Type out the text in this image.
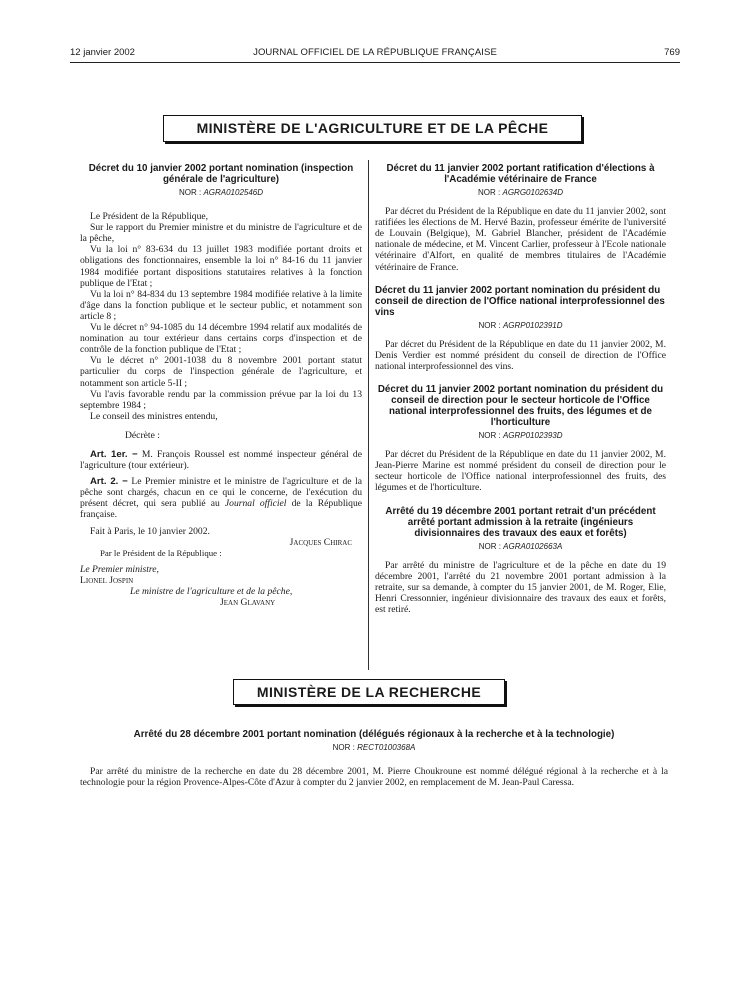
12 janvier 2002	JOURNAL OFFICIEL DE LA RÉPUBLIQUE FRANÇAISE	769
MINISTÈRE DE L'AGRICULTURE ET DE LA PÊCHE
Décret du 10 janvier 2002 portant nomination (inspection générale de l'agriculture)
NOR : AGRA0102546D

Le Président de la République,

Sur le rapport du Premier ministre et du ministre de l'agriculture et de la pêche,

Vu la loi n° 83-634 du 13 juillet 1983 modifiée portant droits et obligations des fonctionnaires, ensemble la loi n° 84-16 du 11 janvier 1984 modifiée portant dispositions statutaires relatives à la fonction publique de l'Etat ;

Vu la loi n° 84-834 du 13 septembre 1984 modifiée relative à la limite d'âge dans la fonction publique et le secteur public, et notamment son article 8 ;

Vu le décret n° 94-1085 du 14 décembre 1994 relatif aux modalités de nomination au tour extérieur dans certains corps d'inspection et de contrôle de la fonction publique de l'Etat ;

Vu le décret n° 2001-1038 du 8 novembre 2001 portant statut particulier du corps de l'inspection générale de l'agriculture, et notamment son article 5-II ;

Vu l'avis favorable rendu par la commission prévue par la loi du 13 septembre 1984 ;

Le conseil des ministres entendu,

Décrète :

Art. 1er. − M. François Roussel est nommé inspecteur général de l'agriculture (tour extérieur).

Art. 2. − Le Premier ministre et le ministre de l'agriculture et de la pêche sont chargés, chacun en ce qui le concerne, de l'exécution du présent décret, qui sera publié au Journal officiel de la République française.

Fait à Paris, le 10 janvier 2002.

Jacques Chirac

Par le Président de la République :

Le Premier ministre,

Lionel Jospin

Le ministre de l'agriculture et de la pêche,

Jean Glavany

Décret du 11 janvier 2002 portant ratification d'élections à l'Académie vétérinaire de France
NOR : AGRG0102634D

Par décret du Président de la République en date du 11 janvier 2002, sont ratifiées les élections de M. Hervé Bazin, professeur émérite de l'université de Louvain (Belgique), M. Gabriel Blancher, président de l'Académie nationale de médecine, et M. Vincent Carlier, professeur à l'Ecole nationale vétérinaire d'Alfort, en qualité de membres titulaires de l'Académie vétérinaire de France.

Décret du 11 janvier 2002 portant nomination du président du conseil de direction de l'Office national interprofessionnel des vins
NOR : AGRP0102391D

Par décret du Président de la République en date du 11 janvier 2002, M. Denis Verdier est nommé président du conseil de direction de l'Office national interprofessionnel des vins.

Décret du 11 janvier 2002 portant nomination du président du conseil de direction pour le secteur horticole de l'Office national interprofessionnel des fruits, des légumes et de l'horticulture
NOR : AGRP0102393D

Par décret du Président de la République en date du 11 janvier 2002, M. Jean-Pierre Marine est nommé président du conseil de direction pour le secteur horticole de l'Office national interprofessionnel des fruits, des légumes et de l'horticulture.

Arrêté du 19 décembre 2001 portant retrait d'un précédent arrêté portant admission à la retraite (ingénieurs divisionnaires des travaux des eaux et forêts)
NOR : AGRA0102663A

Par arrêté du ministre de l'agriculture et de la pêche en date du 19 décembre 2001, l'arrêté du 21 novembre 2001 portant admission à la retraite, sur sa demande, à compter du 15 janvier 2001, de M. Roger, Elie, Henri Cressonnier, ingénieur divisionnaire des travaux des eaux et forêts, est retiré.

MINISTÈRE DE LA RECHERCHE
Arrêté du 28 décembre 2001 portant nomination (délégués régionaux à la recherche et à la technologie)
NOR : RECT0100368A

Par arrêté du ministre de la recherche en date du 28 décembre 2001, M. Pierre Choukroune est nommé délégué régional à la recherche et à la technologie pour la région Provence-Alpes-Côte d'Azur à compter du 2 janvier 2002, en remplacement de M. Jean-Paul Caressa.
